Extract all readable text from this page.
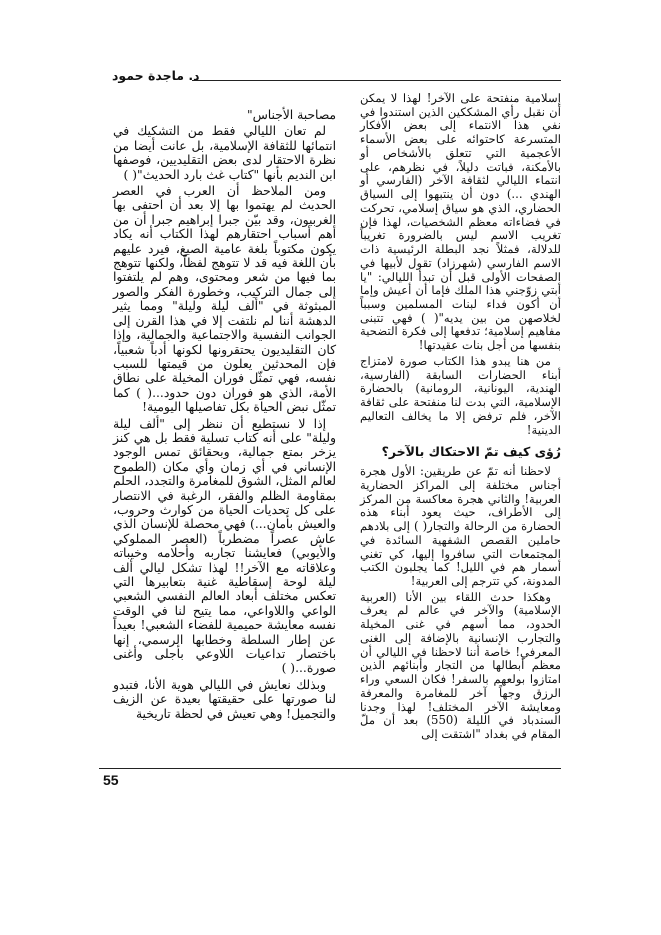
د. ماجدة حمود

إسلامية منفتحة على الآخر! لهذا لا يمكن أن نقبل رأي المشككين الذين استندوا في نفي هذا الانتماء إلى بعض الأفكار المتسرعة كاحتوائه على بعض الأسماء الأعجمية التي تتعلق بالأشخاص أو بالأمكنة، فباتت دليلاً، في نظرهم، على انتماء الليالي لثقافة الآخر (الفارسي أو الهندي ...) دون أن ينتبهوا إلى السياق الحضاري، الذي هو سياق إسلامي، تحركت في فضاءاته معظم الشخصيات، لهذا فإن تغريب الاسم ليس بالضرورة تغريباً للدلالة، فمثلاً نجد البطلة الرئيسية ذات الاسم الفارسي (شهرزاد) تقول لأبيها في الصفحات الأولى قبل أن تبدأ الليالي: "يا أبتي زوّجني هذا الملك فإما أن أعيش وإما أن أكون فداء لبنات المسلمين وسبباً لخلاصهن من بين يديه"( ) فهي تتبنى مفاهيم إسلامية؛ تدفعها إلى فكرة التضحية بنفسها من أجل بنات عقيدتها!

من هنا يبدو هذا الكتاب صورة لامتزاج أبناء الحضارات السابقة (الفارسية، الهندية، اليونانية، الرومانية) بالحضارة الإسلامية، التي بدت لنا منفتحة على ثقافة الآخر، فلم ترفض إلا ما يخالف التعاليم الدينية!

رُؤى كيف تمّ الاحتكاك بالآخر؟

لاحظنا أنه تمّ عن طريقين: الأول هجرة أجناس مختلفة إلى المراكز الحضارية العربية! والثاني هجرة معاكسة من المركز إلى الأطراف، حيث يعود أبناء هذه الحضارة من الرحالة والتجار( ) إلى بلادهم حاملين القصص الشفهية السائدة في المجتمعات التي سافروا إليها، كي تغني أسمار هم في الليل! كما يجلبون الكتب المدونة، كي تترجم إلى العربية!

وهكذا حدث اللقاء بين الأنا (العربية الإسلامية) والآخر في عالم لم يعرف الحدود، مما أسهم في غنى المخيلة والتجارب الإنسانية بالإضافة إلى الغنى المعرفي! خاصة أننا لاحظنا في الليالي أن معظم أبطالها من التجار وأبنائهم الذين امتازوا بولعهم بالسفر! فكان السعي وراء الرزق وجهاً آخر للمغامرة والمعرفة ومعايشة الآخر المختلف! لهذا وجدنا السندباد في الليلة (550) بعد أن ملّ المقام في بغداد "اشتقت إلى

مصاحبة الأجناس"

لم تعان الليالي فقط من التشكيك في انتمائها للثقافة الإسلامية، بل عانت أيضا من نظرة الاحتقار لدى بعض التقليديين، فوصفها ابن النديم بأنها "كتاب غث بارد الحديث"( )

ومن الملاحظ أن العرب في العصر الحديث لم يهتموا بها إلا بعد أن احتفى بها الغربيون، وقد بيّن جبرا إبراهيم جبرا أن من أهم أسباب احتقارهم لهذا الكتاب أنه يكاد يكون مكتوباً بلغة عامية الصيغ، فيرد عليهم بأن اللغة فيه قد لا تتوهج لفظاً، ولكنها تتوهج بما فيها من شعر ومحتوى، وهم لم يلتفتوا إلى جمال التركيب، وخطورة الفكر والصور المبثوثة في "ألف ليلة وليلة" ومما يثير الدهشة أننا لم نلتفت إلا في هذا القرن إلى الجوانب النفسية والاجتماعية والجمالية، وإذا كان التقليديون يحتقرونها لكونها أدباً شعبياً، فإن المحدثين يعلون من قيمتها للسبب نفسه، فهي تمثّل فوران المخيلة على نطاق الأمة، الذي هو فوران دون حدود...( ) كما تمثّل نبض الحياة بكل تفاصيلها اليومية!

إذا لا نستطيع أن ننظر إلى "ألف ليلة وليلة" على أنه كتاب تسلية فقط بل هي كنز يزخر بمتع جمالية، وبحقائق تمس الوجود الإنساني في أي زمان وأي مكان (الطموح لعالم المثل، الشوق للمغامرة والتجدد، الحلم بمقاومة الظلم والفقر، الرغبة في الانتصار على كل تحديات الحياة من كوارث وحروب، والعيش بأمان...) فهي محصلة للإنسان الذي عاش عصراً مضطرباً (العصر المملوكي والأيوبي) فعايشنا تجاربه وأحلامه وخيباته وعلاقاته مع الآخر!! لهذا تشكل ليالي ألف ليلة لوحة إسقاطية غنية بتعابيرها التي تعكس مختلف أبعاد العالم النفسي الشعبي الواعي واللاواعي، مما يتيح لنا في الوقت نفسه معايشة حميمية للفضاء الشعبي! بعيداً عن إطار السلطة وخطابها الرسمي، إنها باختصار تداعيات اللاوعي بأجلى وأغنى صورة...( )

وبذلك نعايش في الليالي هوية الأنا، فتبدو لنا صورتها على حقيقتها بعيدة عن الزيف والتجميل! وهي تعيش في لحظة تاريخية

55
